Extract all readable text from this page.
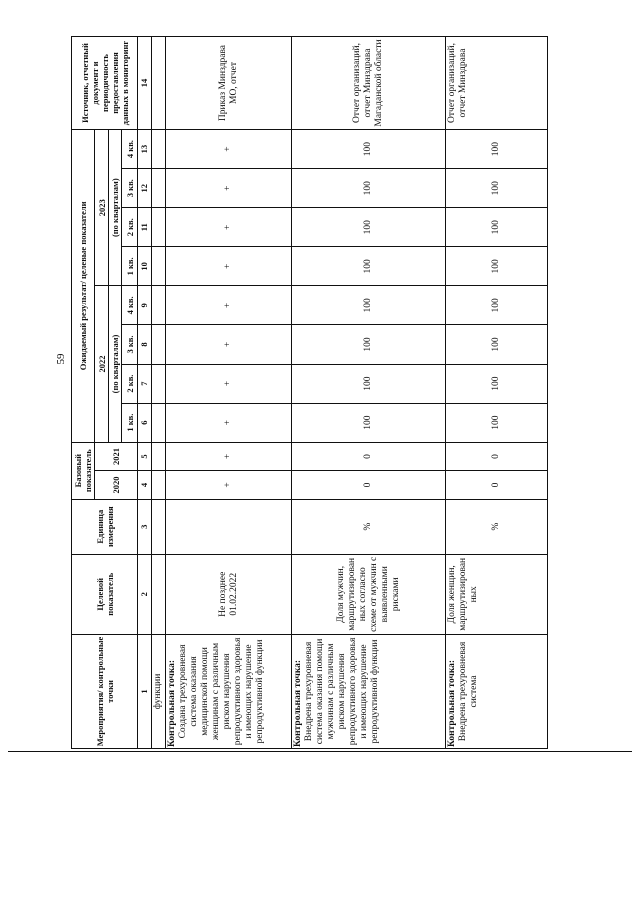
59
Мероприятия/ контрольные точки	Целевой показатель	Единица измерения	Базовый показатель		Ожидаемый результат/ целевые показатели								Источник, отчетный документ и периодичность предоставления данных в мониторинг
			2020	2021	2022				2023				
					(по кварталам)				(по кварталам)				
					1 кв.	2 кв.	3 кв.	4 кв.	1 кв.	2 кв.	3 кв.	4 кв.	
1	2	3	4	5	6	7	8	9	10	11	12	13	14
функции													

Контрольная точка: Создана трехуровневая система оказания медицинской помощи женщинам с различным риском нарушения репродуктивного здоровья и имеющих нарушение репродуктивной функции	Не позднее 01.02.2022		+	+	+	+	+	+	+	+	+	+	Приказ Минздрава МО, отчет

Контрольная точка: Внедрена трехуровневая система оказания помощи мужчинам с различным риском нарушения репродуктивного здоровья и имеющих нарушение репродуктивной функции	Доля мужчин, маршрутизированных согласно схеме от мужчин с выявленными рисками	%	0	0	100	100	100	100	100	100	100	100	Отчет организаций, отчет Минздрава Магаданской области

Контрольная точка: Внедрена трехуровневая система	Доля женщин, маршрутизированных	%	0	0	100	100	100	100	100	100	100	100	Отчет организаций, отчет Минздрава
